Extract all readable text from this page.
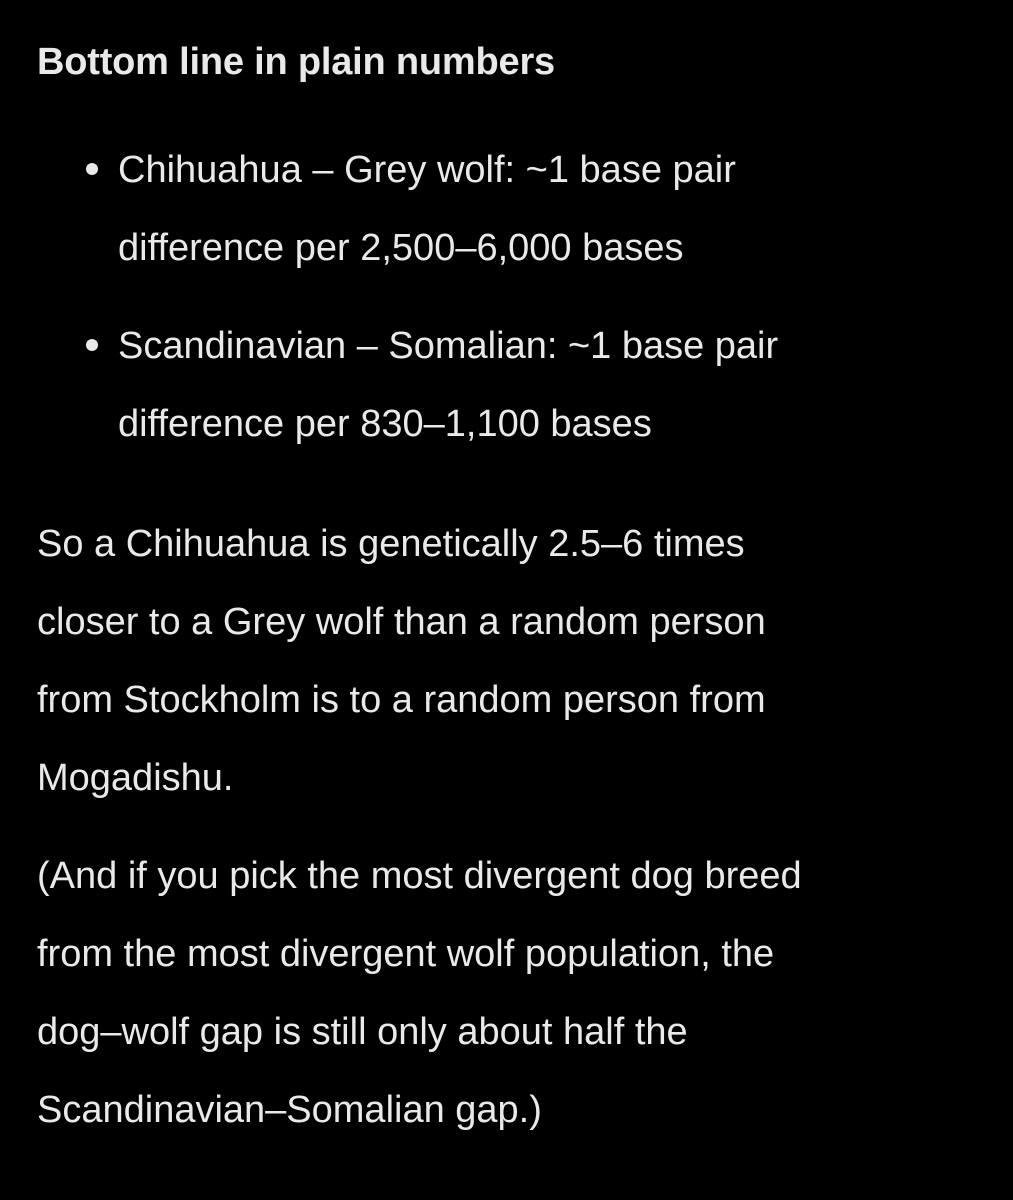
Bottom line in plain numbers
Chihuahua – Grey wolf: ~1 base pair
difference per 2,500–6,000 bases
Scandinavian – Somalian: ~1 base pair
difference per 830–1,100 bases

So a Chihuahua is genetically 2.5–6 times
closer to a Grey wolf than a random person
from Stockholm is to a random person from
Mogadishu.

(And if you pick the most divergent dog breed
from the most divergent wolf population, the
dog–wolf gap is still only about half the
Scandinavian–Somalian gap.)
